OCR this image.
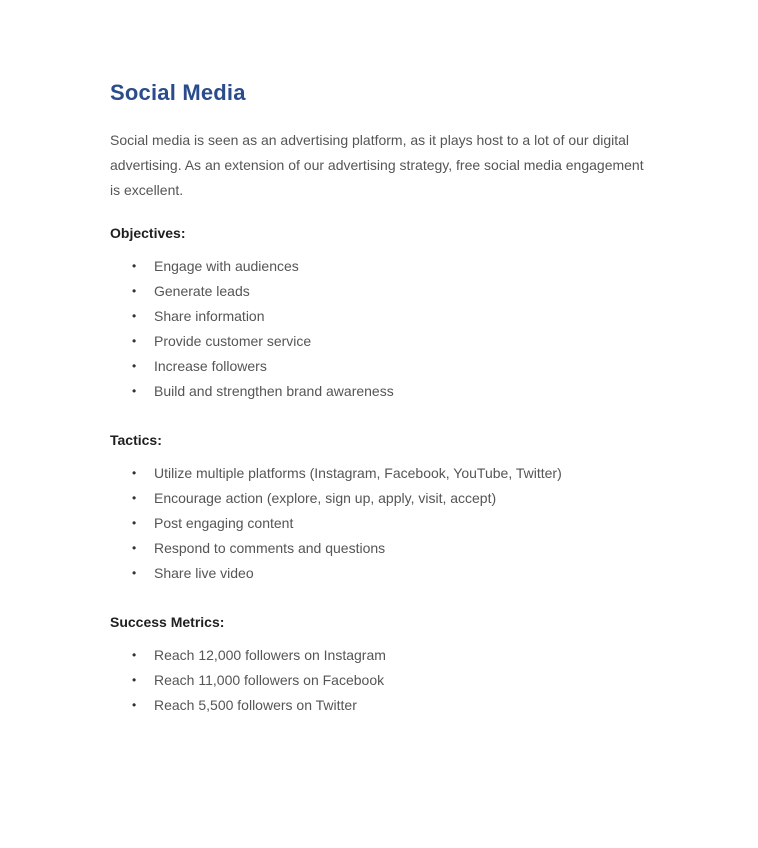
Social Media

Social media is seen as an advertising platform, as it plays host to a lot of our digital advertising. As an extension of our advertising strategy, free social media engagement is excellent.

Objectives:
• Engage with audiences
• Generate leads
• Share information
• Provide customer service
• Increase followers
• Build and strengthen brand awareness
Tactics:
• Utilize multiple platforms (Instagram, Facebook, YouTube, Twitter)
• Encourage action (explore, sign up, apply, visit, accept)
• Post engaging content
• Respond to comments and questions
• Share live video
Success Metrics:
• Reach 12,000 followers on Instagram
• Reach 11,000 followers on Facebook
• Reach 5,500 followers on Twitter
